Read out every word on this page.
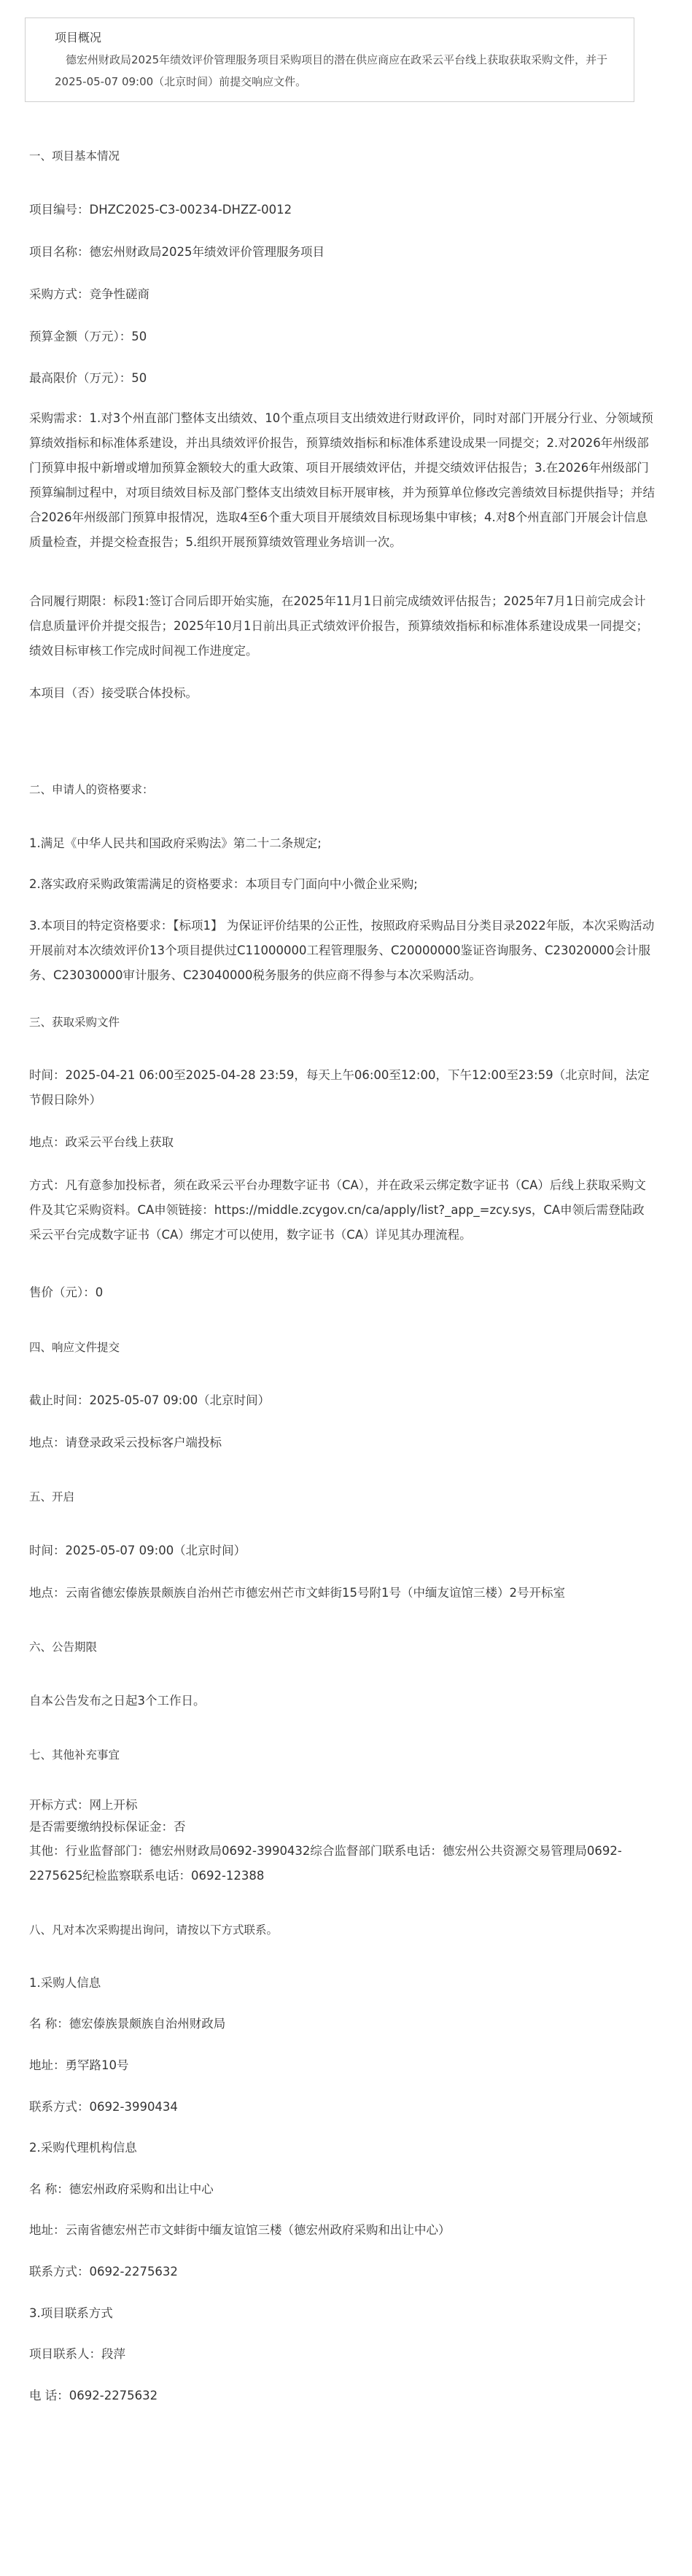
项目概况
德宏州财政局2025年绩效评价管理服务项目采购项目的潜在供应商应在政采云平台线上获取获取采购文件，并于2025-05-07 09:00（北京时间）前提交响应文件。
一、项目基本情况
项目编号：DHZC2025-C3-00234-DHZZ-0012
项目名称：德宏州财政局2025年绩效评价管理服务项目
采购方式：竞争性磋商
预算金额（万元）：50
最高限价（万元）：50
采购需求：1.对3个州直部门整体支出绩效、10个重点项目支出绩效进行财政评价，同时对部门开展分行业、分领域预算绩效指标和标准体系建设，并出具绩效评价报告，预算绩效指标和标准体系建设成果一同提交；2.对2026年州级部门预算申报中新增或增加预算金额较大的重大政策、项目开展绩效评估，并提交绩效评估报告；3.在2026年州级部门预算编制过程中，对项目绩效目标及部门整体支出绩效目标开展审核，并为预算单位修改完善绩效目标提供指导；并结合2026年州级部门预算申报情况，选取4至6个重大项目开展绩效目标现场集中审核；4.对8个州直部门开展会计信息质量检查，并提交检查报告；5.组织开展预算绩效管理业务培训一次。
合同履行期限：标段1:签订合同后即开始实施，在2025年11月1日前完成绩效评估报告；2025年7月1日前完成会计信息质量评价并提交报告；2025年10月1日前出具正式绩效评价报告，预算绩效指标和标准体系建设成果一同提交；绩效目标审核工作完成时间视工作进度定。
本项目（否）接受联合体投标。
二、申请人的资格要求：
1.满足《中华人民共和国政府采购法》第二十二条规定;
2.落实政府采购政策需满足的资格要求：本项目专门面向中小微企业采购;
3.本项目的特定资格要求：【标项1】 为保证评价结果的公正性，按照政府采购品目分类目录2022年版，本次采购活动开展前对本次绩效评价13个项目提供过C11000000工程管理服务、C20000000鉴证咨询服务、C23020000会计服务、C23030000审计服务、C23040000税务服务的供应商不得参与本次采购活动。
三、获取采购文件
时间：2025-04-21 06:00至2025-04-28 23:59，每天上午06:00至12:00，下午12:00至23:59（北京时间，法定节假日除外）
地点：政采云平台线上获取
方式：凡有意参加投标者，须在政采云平台办理数字证书（CA），并在政采云绑定数字证书（CA）后线上获取采购文件及其它采购资料。CA申领链接：https://middle.zcygov.cn/ca/apply/list?_app_=zcy.sys，CA申领后需登陆政采云平台完成数字证书（CA）绑定才可以使用，数字证书（CA）详见其办理流程。
售价（元）：0
四、响应文件提交
截止时间：2025-05-07 09:00（北京时间）
地点：请登录政采云投标客户端投标
五、开启
时间：2025-05-07 09:00（北京时间）
地点：云南省德宏傣族景颇族自治州芒市德宏州芒市文蚌街15号附1号（中缅友谊馆三楼）2号开标室
六、公告期限
自本公告发布之日起3个工作日。
七、其他补充事宜
开标方式：网上开标
是否需要缴纳投标保证金：否
其他：行业监督部门：德宏州财政局0692-3990432综合监督部门联系电话：德宏州公共资源交易管理局0692-2275625纪检监察联系电话：0692-12388
八、凡对本次采购提出询问，请按以下方式联系。
1.采购人信息
名 称：德宏傣族景颇族自治州财政局
地址：勇罕路10号
联系方式：0692-3990434
2.采购代理机构信息
名 称：德宏州政府采购和出让中心
地址：云南省德宏州芒市文蚌街中缅友谊馆三楼（德宏州政府采购和出让中心）
联系方式：0692-2275632
3.项目联系方式
项目联系人：段萍
电 话：0692-2275632
